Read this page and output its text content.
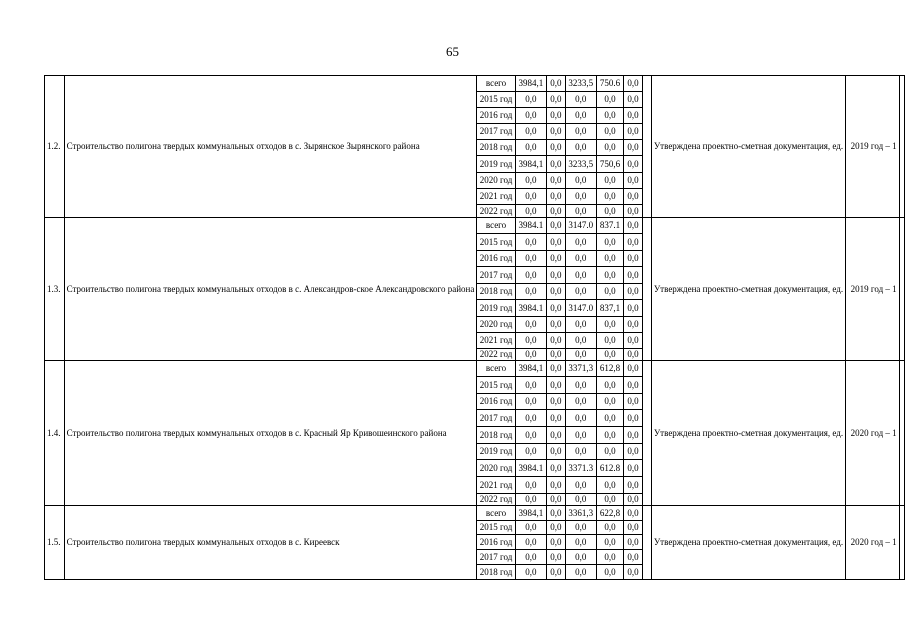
65
1.2.	Строительство полигона твердых коммунальных отходов в с. Зырянское Зырянского района	всего	3984,1	0,0	3233,5	750.6	0,0		Утверждена проектно-сметная документация, ед.	2019 год – 1	
		2015 год	0,0	0,0	0,0	0,0	0,0				
		2016 год	0,0	0,0	0,0	0,0	0,0				
		2017 год	0,0	0,0	0,0	0,0	0,0				
		2018 год	0,0	0,0	0,0	0,0	0,0				
		2019 год	3984,1	0,0	3233,5	750,6	0,0				
		2020 год	0,0	0,0	0,0	0,0	0,0				
		2021 год	0,0	0,0	0,0	0,0	0,0				
		2022 год	0,0	0,0	0,0	0,0	0,0				
1.3.	Строительство полигона твердых коммунальных отходов в с. Александров-ское Александровского района	всего	3984.1	0,0	3147.0	837.1	0,0		Утверждена проектно-сметная документация, ед.	2019 год – 1	
		2015 год	0,0	0,0	0,0	0,0	0,0				
		2016 год	0,0	0,0	0,0	0,0	0,0				
		2017 год	0,0	0,0	0,0	0,0	0,0				
		2018 год	0,0	0,0	0,0	0,0	0,0				
		2019 год	3984.1	0,0	3147.0	837,1	0,0				
		2020 год	0,0	0,0	0,0	0,0	0,0				
		2021 год	0,0	0,0	0,0	0,0	0,0				
		2022 год	0,0	0,0	0,0	0,0	0,0				
1.4.	Строительство полигона твердых коммунальных отходов в с. Красный Яр Кривошеинского района	всего	3984,1	0,0	3371,3	612,8	0,0		Утверждена проектно-сметная документация, ед.	2020 год – 1	
		2015 год	0,0	0,0	0,0	0,0	0,0				
		2016 год	0,0	0,0	0,0	0,0	0,0				
		2017 год	0,0	0,0	0,0	0,0	0,0				
		2018 год	0,0	0,0	0,0	0,0	0,0				
		2019 год	0,0	0,0	0,0	0,0	0,0				
		2020 год	3984.1	0,0	3371.3	612.8	0,0				
		2021 год	0,0	0,0	0,0	0,0	0,0				
		2022 год	0,0	0,0	0,0	0,0	0,0				
1.5.	Строительство полигона твердых коммунальных отходов в с. Киреевск	всего	3984,1	0,0	3361,3	622,8	0,0		Утверждена проектно-сметная документация, ед.	2020 год – 1	
		2015 год	0,0	0,0	0,0	0,0	0,0				
		2016 год	0,0	0,0	0,0	0,0	0,0				
		2017 год	0,0	0,0	0,0	0,0	0,0				
		2018 год	0,0	0,0	0,0	0,0	0,0				
